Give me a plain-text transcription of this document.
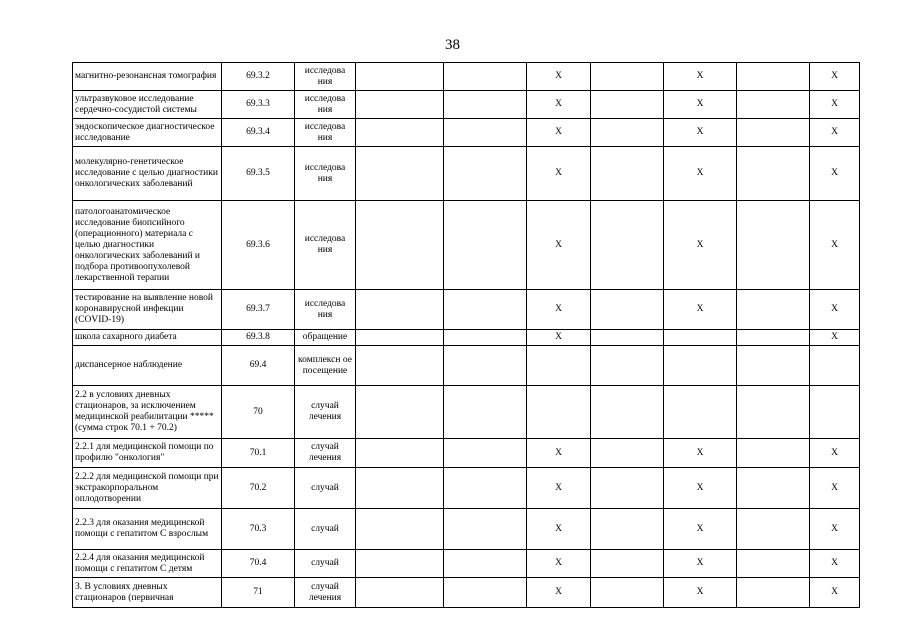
38
магнитно-резонансная томография	69.3.2	исследова ния			X		X		X
ультразвуковое исследование сердечно-сосудистой системы	69.3.3	исследова ния			X		X		X
эндоскопическое диагностическое исследование	69.3.4	исследова ния			X		X		X
молекулярно-генетическое исследование с целью диагностики онкологических заболеваний	69.3.5	исследова ния			X		X		X
патологоанатомическое исследование биопсийного (операционного) материала с целью диагностики онкологических заболеваний и подбора противоопухолевой лекарственной терапии	69.3.6	исследова ния			X		X		X
тестирование на выявление новой коронавирусной инфекции (COVID-19)	69.3.7	исследова ния			X		X		X
школа сахарного диабета	69.3.8	обращение			X				X
диспансерное наблюдение	69.4	комплексн ое посещение							
2.2 в условиях дневных стационаров, за исключением медицинской реабилитации ***** (сумма строк 70.1 + 70.2)	70	случай лечения							
2.2.1 для медицинской помощи по профилю "онкология"	70.1	случай лечения			X		X		X
2.2.2 для медицинской помощи при экстракорпоральном оплодотворении	70.2	случай			X		X		X
2.2.3 для оказания медицинской помощи с гепатитом С взрослым	70.3	случай			X		X		X
2.2.4 для оказания медицинской помощи с гепатитом С детям	70.4	случай			X		X		X
3. В условиях дневных стационаров (первичная	71	случай лечения			X		X		X
